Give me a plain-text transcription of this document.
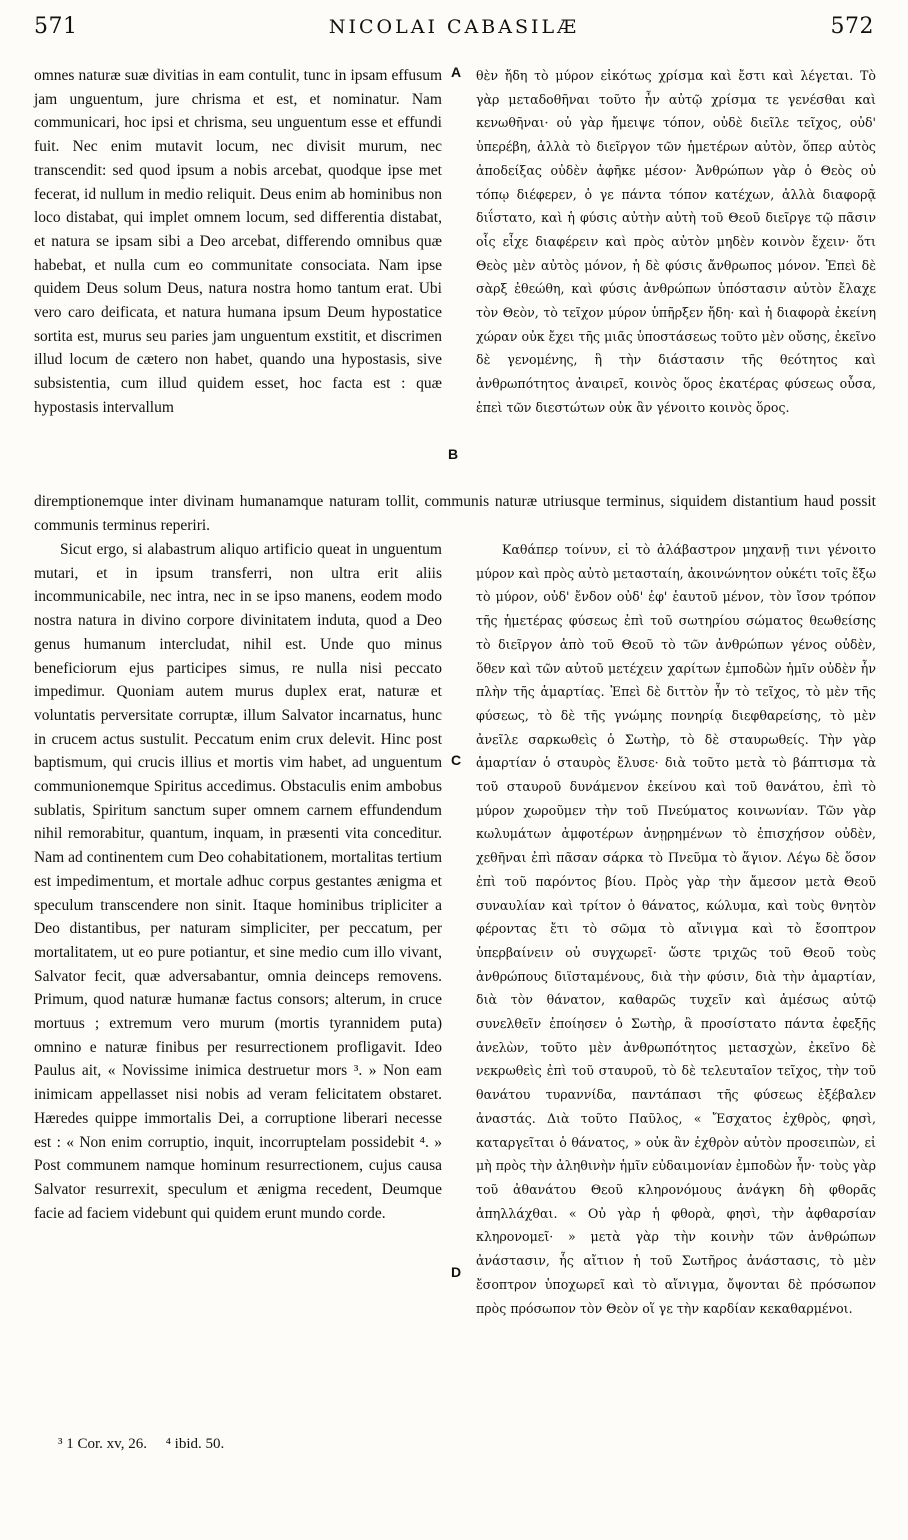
571	NICOLAI CABASILÆ	572

omnes naturæ suæ divitias in eam contulit, tunc in ipsam effusum jam unguentum, jure chrisma et est, et nominatur. Nam communicari, hoc ipsi et chrisma, seu unguentum esse et effundi fuit. Nec enim mutavit locum, nec divisit murum, nec transcendit: sed quod ipsum a nobis arcebat, quodque ipse met fecerat, id nullum in medio reliquit. Deus enim ab hominibus non loco distabat, qui implet omnem locum, sed differentia distabat, et natura se ipsam sibi a Deo arcebat, differendo omnibus quæ habebat, et nulla cum eo communitate consociata. Nam ipse quidem Deus solum Deus, natura nostra homo tantum erat. Ubi vero caro deificata, et natura humana ipsum Deum hypostatice sortita est, murus seu paries jam unguentum exstitit, et discrimen illud locum de cætero non habet, quando una hypostasis, sive subsistentia, cum illud quidem esset, hoc facta est : quæ hypostasis intervallum

θὲν ἤδη τὸ μύρον εἰκότως χρίσμα καὶ ἔστι καὶ λέγεται. Τὸ γὰρ μεταδοθῆναι τοῦτο ἦν αὐτῷ χρίσμα τε γενέσθαι καὶ κενωθῆναι· οὐ γὰρ ἤμειψε τόπον, οὐδὲ διεῖλε τεῖχος, οὐδ' ὑπερέβη, ἀλλὰ τὸ διεῖργον τῶν ἡμετέρων αὐτὸν, ὅπερ αὐτὸς ἀποδείξας οὐδὲν ἀφῆκε μέσον· Ἀνθρώπων γὰρ ὁ Θεὸς οὐ τόπῳ διέφερεν, ὁ γε πάντα τόπον κατέχων, ἀλλὰ διαφορᾷ διΐστατο, καὶ ἡ φύσις αὐτὴν αὐτὴ τοῦ Θεοῦ διεῖργε τῷ πᾶσιν οἷς εἶχε διαφέρειν καὶ πρὸς αὐτὸν μηδὲν κοινὸν ἔχειν· ὅτι Θεὸς μὲν αὐτὸς μόνον, ἡ δὲ φύσις ἄνθρωπος μόνον. Ἐπεὶ δὲ σὰρξ ἐθεώθη, καὶ φύσις ἀνθρώπων ὑπόστασιν αὐτὸν ἔλαχε τὸν Θεὸν, τὸ τεῖχον μύρον ὑπῆρξεν ἤδη· καὶ ἡ διαφορὰ ἐκείνη χώραν οὐκ ἔχει τῆς μιᾶς ὑποστάσεως τοῦτο μὲν οὔσης, ἐκεῖνο δὲ γενομένης, ἣ τὴν διάστασιν τῆς θεότητος καὶ ἀνθρωπότητος ἀναιρεῖ, κοινὸς ὅρος ἑκατέρας φύσεως οὖσα, ἐπεὶ τῶν διεστώτων οὐκ ἂν γένοιτο κοινὸς ὅρος.

diremptionemque inter divinam humanamque naturam tollit, communis naturæ utriusque terminus, siquidem distantium haud possit communis terminus reperiri.

Sicut ergo, si alabastrum aliquo artificio queat in unguentum mutari, et in ipsum transferri, non ultra erit aliis incommunicabile, nec intra, nec in se ipso manens, eodem modo nostra natura in divino corpore divinitatem induta, quod a Deo genus humanum intercludat, nihil est. Unde quo minus beneficiorum ejus participes simus, re nulla nisi peccato impedimur. Quoniam autem murus duplex erat, naturæ et voluntatis perversitate corruptæ, illum Salvator incarnatus, hunc in crucem actus sustulit. Peccatum enim crux delevit. Hinc post baptismum, qui crucis illius et mortis vim habet, ad unguentum communionemque Spiritus accedimus. Obstaculis enim ambobus sublatis, Spiritum sanctum super omnem carnem effundendum nihil remorabitur, quantum, inquam, in præsenti vita conceditur. Nam ad continentem cum Deo cohabitationem, mortalitas tertium est impedimentum, et mortale adhuc corpus gestantes ænigma et speculum transcendere non sinit. Itaque hominibus tripliciter a Deo distantibus, per naturam simpliciter, per peccatum, per mortalitatem, ut eo pure potiantur, et sine medio cum illo vivant, Salvator fecit, quæ adversabantur, omnia deinceps removens. Primum, quod naturæ humanæ factus consors; alterum, in cruce mortuus ; extremum vero murum (mortis tyrannidem puta) omnino e naturæ finibus per resurrectionem profligavit. Ideo Paulus ait, « Novissime inimica destruetur mors ³. » Non eam inimicam appellasset nisi nobis ad veram felicitatem obstaret. Hæredes quippe immortalis Dei, a corruptione liberari necesse est : « Non enim corruptio, inquit, incorruptelam possidebit ⁴. » Post communem namque hominum resurrectionem, cujus causa Salvator resurrexit, speculum et ænigma recedent, Deumque facie ad faciem videbunt qui quidem erunt mundo corde.

Καθάπερ τοίνυν, εἰ τὸ ἀλάβαστρον μηχανῇ τινι γένοιτο μύρον καὶ πρὸς αὐτὸ μετασταίη, ἀκοινώνητον οὐκέτι τοῖς ἔξω τὸ μύρον, οὐδ' ἔνδον οὐδ' ἐφ' ἑαυτοῦ μένον, τὸν ἴσον τρόπον τῆς ἡμετέρας φύσεως ἐπὶ τοῦ σωτηρίου σώματος θεωθείσης τὸ διεῖργον ἀπὸ τοῦ Θεοῦ τὸ τῶν ἀνθρώπων γένος οὐδὲν, ὅθεν καὶ τῶν αὐτοῦ μετέχειν χαρίτων ἐμποδὼν ἡμῖν οὐδὲν ἦν πλὴν τῆς ἁμαρτίας. Ἐπεὶ δὲ διττὸν ἦν τὸ τεῖχος, τὸ μὲν τῆς φύσεως, τὸ δὲ τῆς γνώμης πονηρίᾳ διεφθαρείσης, τὸ μὲν ἀνεῖλε σαρκωθεὶς ὁ Σωτὴρ, τὸ δὲ σταυρωθείς. Τὴν γὰρ ἁμαρτίαν ὁ σταυρὸς ἔλυσε· διὰ τοῦτο μετὰ τὸ βάπτισμα τὰ τοῦ σταυροῦ δυνάμενον ἐκείνου καὶ τοῦ θανάτου, ἐπὶ τὸ μύρον χωροῦμεν τὴν τοῦ Πνεύματος κοινωνίαν. Τῶν γὰρ κωλυμάτων ἀμφοτέρων ἀνῃρημένων τὸ ἐπισχήσον οὐδὲν, χεθῆναι ἐπὶ πᾶσαν σάρκα τὸ Πνεῦμα τὸ ἅγιον. Λέγω δὲ ὅσον ἐπὶ τοῦ παρόντος βίου. Πρὸς γὰρ τὴν ἄμεσον μετὰ Θεοῦ συναυλίαν καὶ τρίτον ὁ θάνατος, κώλυμα, καὶ τοὺς θνητὸν φέροντας ἔτι τὸ σῶμα τὸ αἴνιγμα καὶ τὸ ἔσοπτρον ὑπερβαίνειν οὐ συγχωρεῖ· ὥστε τριχῶς τοῦ Θεοῦ τοὺς ἀνθρώπους διϊσταμένους, διὰ τὴν φύσιν, διὰ τὴν ἁμαρτίαν, διὰ τὸν θάνατον, καθαρῶς τυχεῖν καὶ ἀμέσως αὐτῷ συνελθεῖν ἐποίησεν ὁ Σωτὴρ, ἃ προσίστατο πάντα ἐφεξῆς ἀνελὼν, τοῦτο μὲν ἀνθρωπότητος μετασχὼν, ἐκεῖνο δὲ νεκρωθεὶς ἐπὶ τοῦ σταυροῦ, τὸ δὲ τελευταῖον τεῖχος, τὴν τοῦ θανάτου τυραννίδα, παντάπασι τῆς φύσεως ἐξέβαλεν ἀναστάς. Διὰ τοῦτο Παῦλος, « Ἔσχατος ἐχθρὸς, φησὶ, καταργεῖται ὁ θάνατος, » οὐκ ἂν ἐχθρὸν αὐτὸν προσειπὼν, εἰ μὴ πρὸς τὴν ἀληθινὴν ἡμῖν εὐδαιμονίαν ἐμποδὼν ἦν· τοὺς γὰρ τοῦ ἀθανάτου Θεοῦ κληρονόμους ἀνάγκη δὴ φθορᾶς ἀπηλλάχθαι. « Οὐ γὰρ ἡ φθορὰ, φησὶ, τὴν ἀφθαρσίαν κληρονομεῖ· » μετὰ γὰρ τὴν κοινὴν τῶν ἀνθρώπων ἀνάστασιν, ἧς αἴτιον ἡ τοῦ Σωτῆρος ἀνάστασις, τὸ μὲν ἔσοπτρον ὑποχωρεῖ καὶ τὸ αἴνιγμα, ὄψονται δὲ πρόσωπον πρὸς πρόσωπον τὸν Θεὸν οἵ γε τὴν καρδίαν κεκαθαρμένοι.

A
B
C
D
³ 1 Cor. xv, 26.     ⁴ ibid. 50.
